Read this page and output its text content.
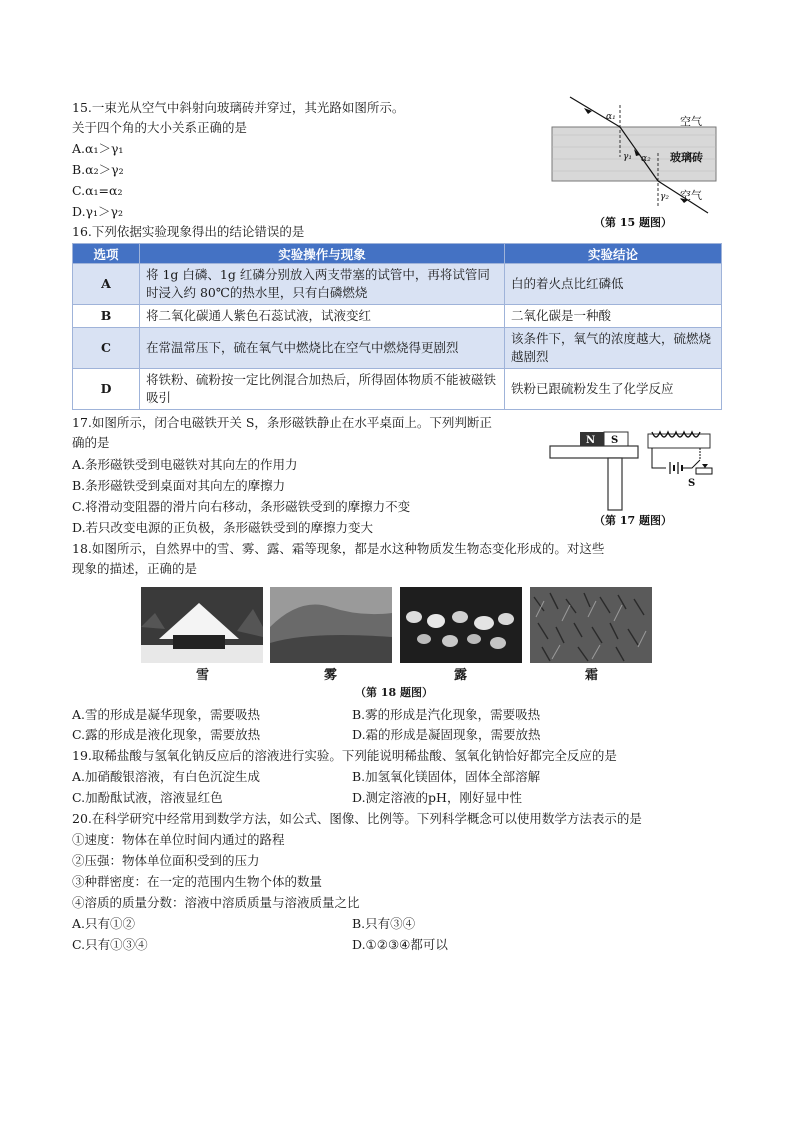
15.一束光从空气中斜射向玻璃砖并穿过，其光路如图所示。
关于四个角的大小关系正确的是
A.α₁＞γ₁
B.α₂＞γ₂
C.α₁=α₂
D.γ₁＞γ₂
α₁
γ₁ α₂
γ₂
空气
玻璃砖
空气
（第 15 题图）
16.下列依据实验现象得出的结论错误的是
选项	实验操作与现象	实验结论
A	将 1g 白磷、1g 红磷分别放入两支带塞的试管中，再将试管同时浸入约 80℃的热水里，只有白磷燃烧	白的着火点比红磷低
B	将二氧化碳通人紫色石蕊试液，试液变红	二氧化碳是一种酸
C	在常温常压下，硫在氧气中燃烧比在空气中燃烧得更剧烈	该条件下，氧气的浓度越大，硫燃烧越剧烈
D	将铁粉、硫粉按一定比例混合加热后，所得固体物质不能被磁铁吸引	铁粉已跟硫粉发生了化学反应
17.如图所示，闭合电磁铁开关 S，条形磁铁静止在水平桌面上。下列判断正
确的是
A.条形磁铁受到电磁铁对其向左的作用力
B.条形磁铁受到桌面对其向左的摩擦力
C.将滑动变阻器的滑片向右移动，条形磁铁受到的摩擦力不变
D.若只改变电源的正负极，条形磁铁受到的摩擦力变大
N S
S
（第 17 题图）
18.如图所示，自然界中的雪、雾、露、霜等现象，都是水这种物质发生物态变化形成的。对这些
现象的描述，正确的是
雪	雾	露	霜
（第 18 题图）
A.雪的形成是凝华现象，需要吸热	B.雾的形成是汽化现象，需要吸热
C.露的形成是液化现象，需要放热	D.霜的形成是凝固现象，需要放热
19.取稀盐酸与氢氧化钠反应后的溶液进行实验。下列能说明稀盐酸、氢氧化钠恰好都完全反应的是
A.加硝酸银溶液，有白色沉淀生成	B.加氢氧化镁固体，固体全部溶解
C.加酚酞试液，溶液显红色	D.测定溶液的pH，刚好显中性
20.在科学研究中经常用到数学方法，如公式、图像、比例等。下列科学概念可以使用数学方法表示的是
①速度：物体在单位时间内通过的路程
②压强：物体单位面积受到的压力
③种群密度：在一定的范围内生物个体的数量
④溶质的质量分数：溶液中溶质质量与溶液质量之比
A.只有①②	B.只有③④
C.只有①③④	D.①②③④都可以
